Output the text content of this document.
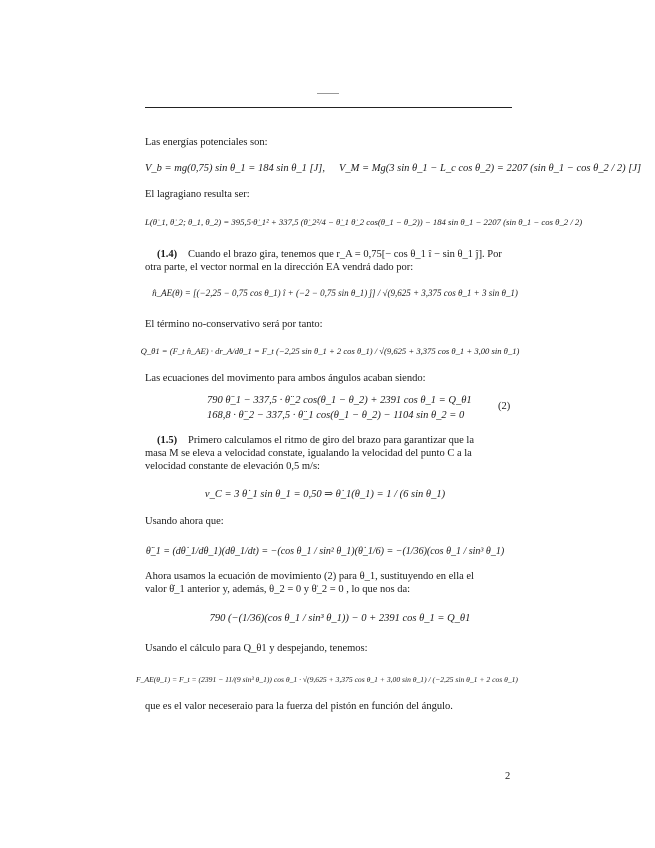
Las energías potenciales son:
V_b = mg(0,75) sin θ_1 = 184 sin θ_1 [J], V_M = Mg(3 sin θ_1 − L_c cos θ_2) = 2207 (sin θ_1 − cos θ_2 / 2) [J]
El lagragiano resulta ser:
L(θ̇_1, θ̇_2; θ_1, θ_2) = 395,5·θ̇_1² + 337,5 (θ̇_2²/4 − θ̇_1 θ̇_2 cos(θ_1 − θ_2)) − 184 sin θ_1 − 2207 (sin θ_1 − cos θ_2 / 2)
(1.4) Cuando el brazo gira, tenemos que r_A = 0,75[− cos θ_1 î − sin θ_1 ĵ]. Por
otra parte, el vector normal en la dirección EA vendrá dado por:
n̂_AE(θ) = [(−2,25 − 0,75 cos θ_1) î + (−2 − 0,75 sin θ_1) ĵ] / √(9,625 + 3,375 cos θ_1 + 3 sin θ_1)
El término no-conservativo será por tanto:
Q_θ1 = (F_t n̂_AE) · dr_A/dθ_1 = F_t (−2,25 sin θ_1 + 2 cos θ_1) / √(9,625 + 3,375 cos θ_1 + 3,00 sin θ_1)
Las ecuaciones del movimento para ambos ángulos acaban siendo:
790 θ̈_1 − 337,5 · θ̈_2 cos(θ_1 − θ_2) + 2391 cos θ_1 = Q_θ1
168,8 · θ̈_2 − 337,5 · θ̈_1 cos(θ_1 − θ_2) − 1104 sin θ_2 = 0
(2)
(1.5) Primero calculamos el ritmo de giro del brazo para garantizar que la
masa M se eleva a velocidad constate, igualando la velocidad del punto C a la
velocidad constante de elevación 0,5 m/s:
v_C = 3 θ̇_1 sin θ_1 = 0,50 ⇒ θ̇_1(θ_1) = 1 / (6 sin θ_1)
Usando ahora que:
θ̈_1 = (dθ̇_1/dθ_1)(dθ_1/dt) = −(cos θ_1 / sin² θ_1)(θ̇_1/6) = −(1/36)(cos θ_1 / sin³ θ_1)
Ahora usamos la ecuación de movimiento (2) para θ_1, sustituyendo en ella el
valor θ̇_1 anterior y, además, θ_2 = 0 y θ̈_2 = 0 , lo que nos da:
790 (−(1/36)(cos θ_1 / sin³ θ_1)) − 0 + 2391 cos θ_1 = Q_θ1
Usando el cálculo para Q_θ1 y despejando, tenemos:
F_AE(θ_1) = F_t = (2391 − 11/(9 sin³ θ_1)) cos θ_1 · √(9,625 + 3,375 cos θ_1 + 3,00 sin θ_1) / (−2,25 sin θ_1 + 2 cos θ_1)
que es el valor neceseraio para la fuerza del pistón en función del ángulo.
2
